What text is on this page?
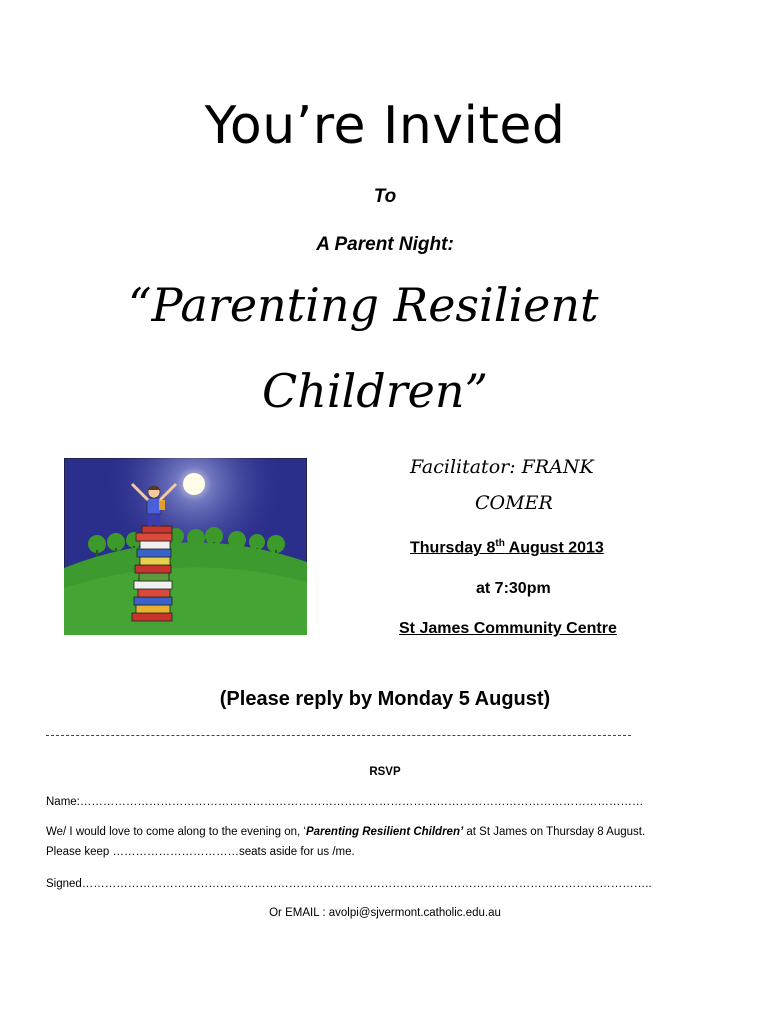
You’re Invited
To
A Parent Night:
“Parenting Resilient
Children”
Facilitator: FRANK
COMER
Thursday 8th August 2013
at 7:30pm
St James Community Centre
(Please reply by Monday 5 August)
RSVP
Name:…………………………………………………………………………………………………………………………………
We/ I would love to come along to the evening on, ‘Parenting Resilient Children’ at St James on Thursday 8 August.
Please keep ……………………………seats aside for us /me.
Signed…………………………………………………………………………………………………………………………………..
Or EMAIL : avolpi@sjvermont.catholic.edu.au
